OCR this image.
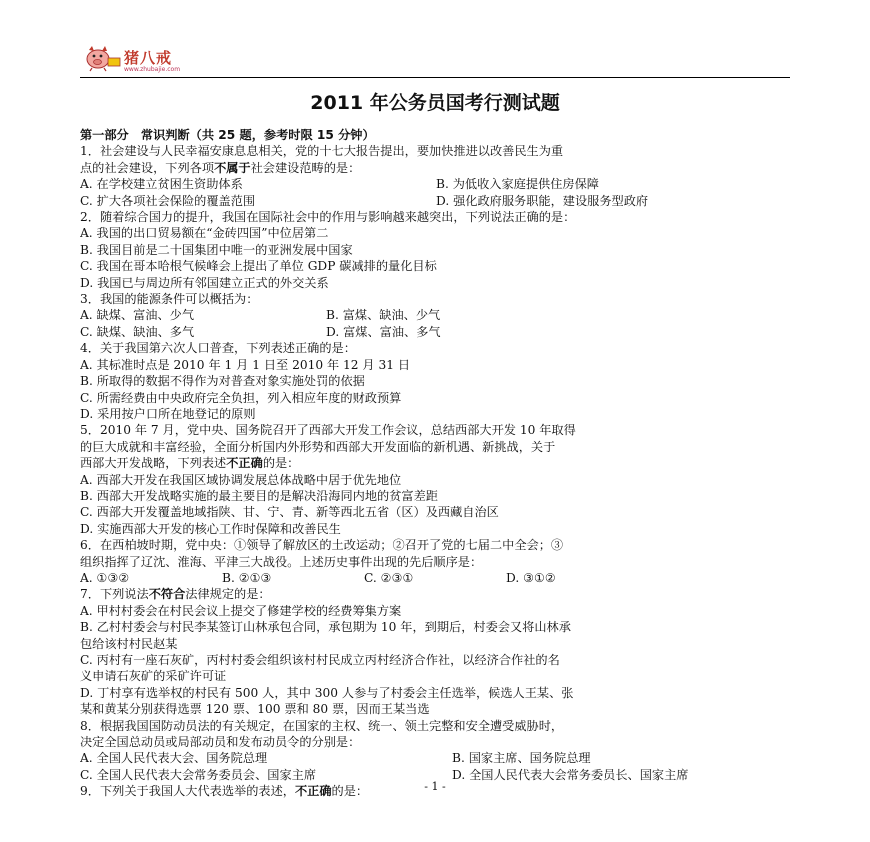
猪八戒
www.zhubajie.com
2011 年公务员国考行测试题

第一部分　常识判断（共 25 题，参考时限 15 分钟）

1．社会建设与人民幸福安康息息相关，党的十七大报告提出，要加快推进以改善民生为重

点的社会建设，下列各项不属于社会建设范畴的是：

A. 在学校建立贫困生资助体系	B. 为低收入家庭提供住房保障

C. 扩大各项社会保险的覆盖范围	D. 强化政府服务职能，建设服务型政府

2．随着综合国力的提升，我国在国际社会中的作用与影响越来越突出，下列说法正确的是：

A. 我国的出口贸易额在“金砖四国”中位居第二

B. 我国目前是二十国集团中唯一的亚洲发展中国家

C. 我国在哥本哈根气候峰会上提出了单位 GDP 碳减排的量化目标

D. 我国已与周边所有邻国建立正式的外交关系

3．我国的能源条件可以概括为：

A. 缺煤、富油、少气	B. 富煤、缺油、少气

C. 缺煤、缺油、多气	D. 富煤、富油、多气

4．关于我国第六次人口普查，下列表述正确的是：

A. 其标准时点是 2010 年 1 月 1 日至 2010 年 12 月 31 日

B. 所取得的数据不得作为对普查对象实施处罚的依据

C. 所需经费由中央政府完全负担，列入相应年度的财政预算

D. 采用按户口所在地登记的原则

5．2010 年 7 月，党中央、国务院召开了西部大开发工作会议，总结西部大开发 10 年取得

的巨大成就和丰富经验，全面分析国内外形势和西部大开发面临的新机遇、新挑战，关于

西部大开发战略，下列表述不正确的是：

A. 西部大开发在我国区域协调发展总体战略中居于优先地位

B. 西部大开发战略实施的最主要目的是解决沿海同内地的贫富差距

C. 西部大开发覆盖地域指陕、甘、宁、青、新等西北五省（区）及西藏自治区

D. 实施西部大开发的核心工作时保障和改善民生

6．在西柏坡时期，党中央：①领导了解放区的土改运动；②召开了党的七届二中全会；③

组织指挥了辽沈、淮海、平津三大战役。上述历史事件出现的先后顺序是：

A. ①③②	B. ②①③	C. ②③①	D. ③①②

7．下列说法不符合法律规定的是：

A. 甲村村委会在村民会议上提交了修建学校的经费筹集方案

B. 乙村村委会与村民李某签订山林承包合同，承包期为 10 年，到期后，村委会又将山林承

包给该村村民赵某

C. 丙村有一座石灰矿，丙村村委会组织该村村民成立丙村经济合作社，以经济合作社的名

义申请石灰矿的采矿许可证

D. 丁村享有选举权的村民有 500 人，其中 300 人参与了村委会主任选举，候选人王某、张

某和黄某分别获得选票 120 票、100 票和 80 票，因而王某当选

8．根据我国国防动员法的有关规定，在国家的主权、统一、领土完整和安全遭受威胁时，

决定全国总动员或局部动员和发布动员令的分别是：

A. 全国人民代表大会、国务院总理	B. 国家主席、国务院总理

C. 全国人民代表大会常务委员会、国家主席	D. 全国人民代表大会常务委员长、国家主席

9．下列关于我国人大代表选举的表述，不正确的是：	- 1 -
